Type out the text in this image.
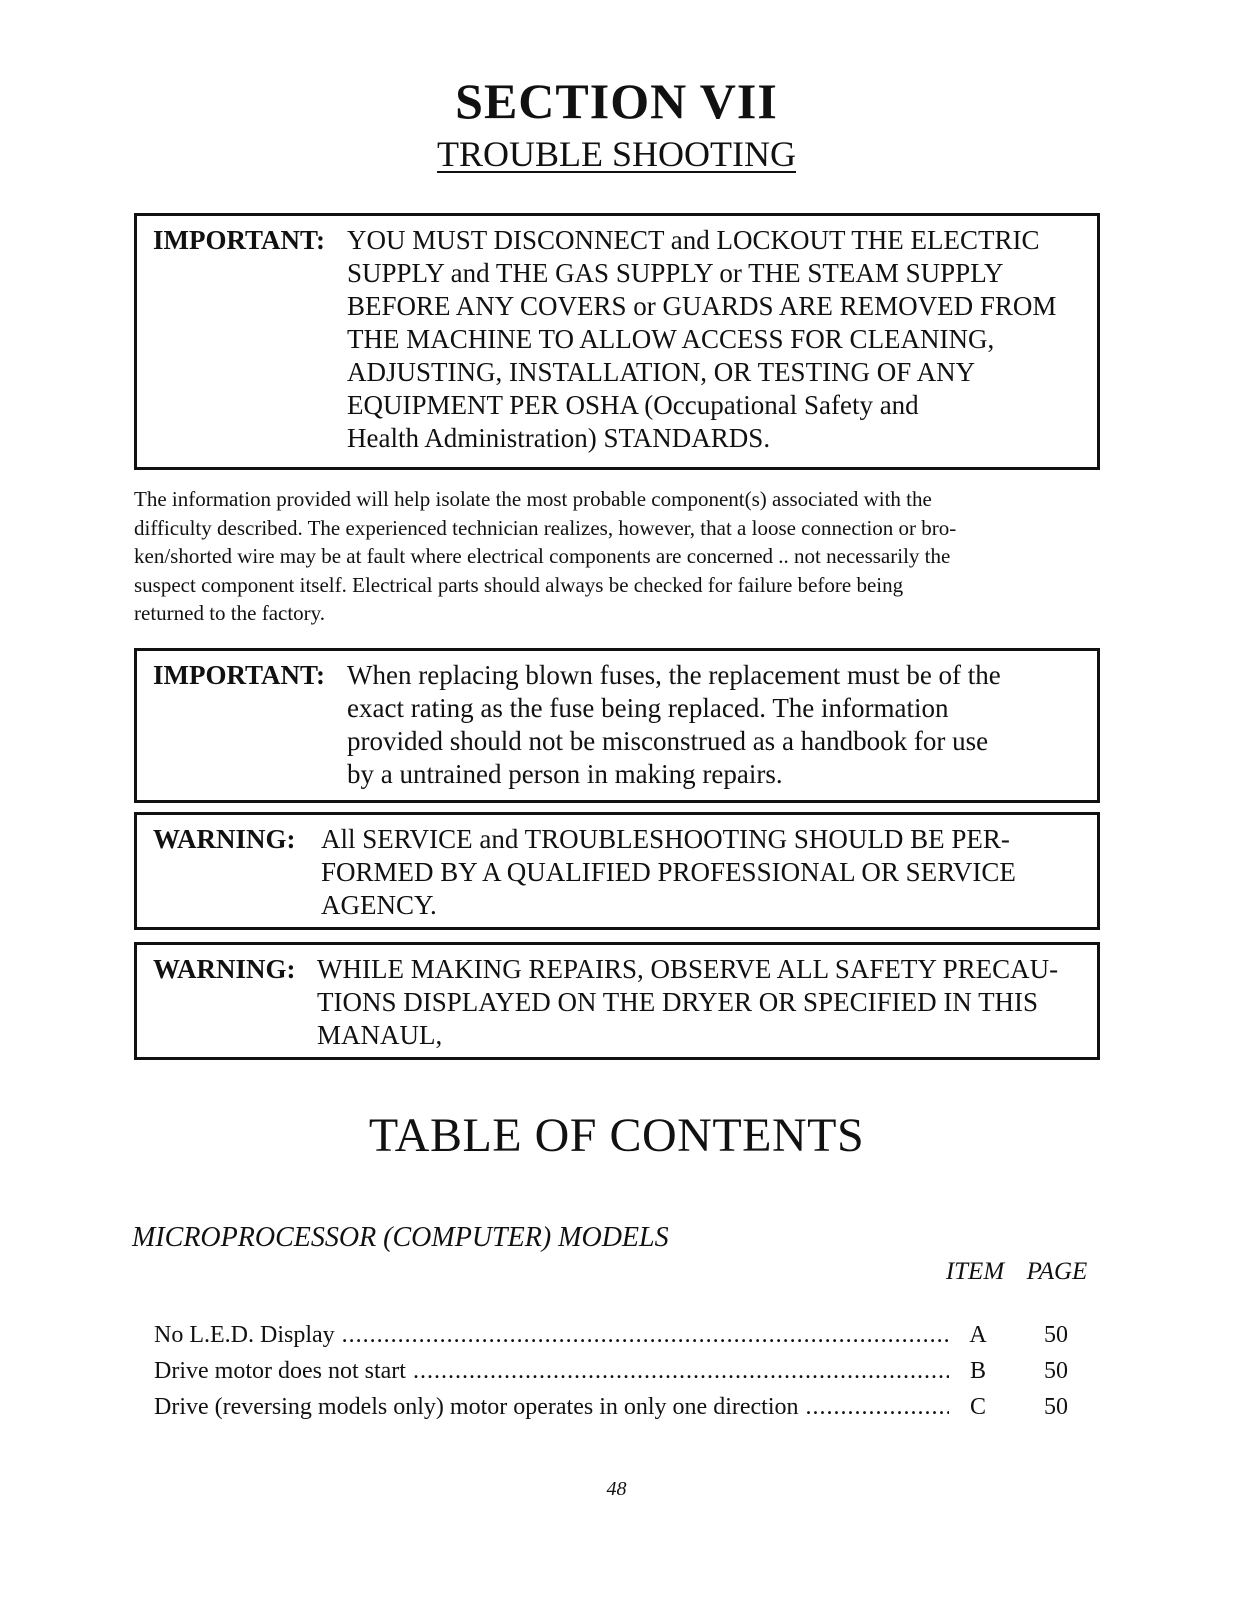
SECTION VII
TROUBLE SHOOTING
IMPORTANT: YOU MUST DISCONNECT and LOCKOUT THE ELECTRIC
SUPPLY and THE GAS SUPPLY or THE STEAM SUPPLY
BEFORE ANY COVERS or GUARDS ARE REMOVED FROM
THE MACHINE TO ALLOW ACCESS FOR CLEANING,
ADJUSTING, INSTALLATION, OR TESTING OF ANY
EQUIPMENT PER OSHA (Occupational Safety and
Health Administration) STANDARDS.
The information provided will help isolate the most probable component(s) associated with the
difficulty described. The experienced technician realizes, however, that a loose connection or bro-
ken/shorted wire may be at fault where electrical components are concerned .. not necessarily the
suspect component itself. Electrical parts should always be checked for failure before being
returned to the factory.
IMPORTANT: When replacing blown fuses, the replacement must be of the
exact rating as the fuse being replaced. The information
provided should not be misconstrued as a handbook for use
by a untrained person in making repairs.
WARNING: All SERVICE and TROUBLESHOOTING SHOULD BE PER-
FORMED BY A QUALIFIED PROFESSIONAL OR SERVICE
AGENCY.
WARNING: WHILE MAKING REPAIRS, OBSERVE ALL SAFETY PRECAU-
TIONS DISPLAYED ON THE DRYER OR SPECIFIED IN THIS
MANAUL,
TABLE OF CONTENTS
MICROPROCESSOR (COMPUTER) MODELS
ITEM PAGE
No L.E.D. Display .....	A	50
Drive motor does not start .....	B	50
Drive (reversing models only) motor operates in only one direction .....	C	50
48
